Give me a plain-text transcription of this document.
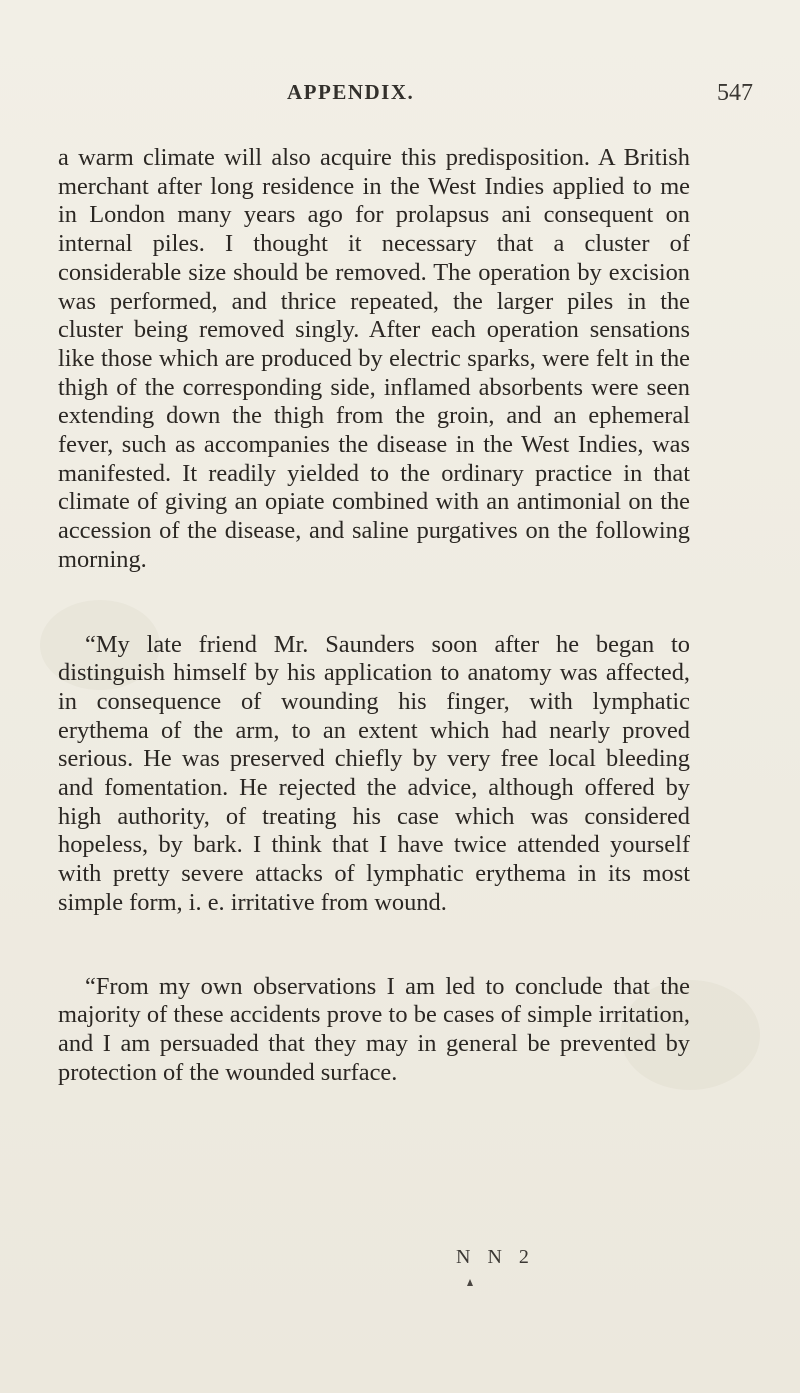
APPENDIX.	547

a warm climate will also acquire this predisposition. A British merchant after long residence in the West Indies applied to me in London many years ago for prolapsus ani consequent on internal piles. I thought it necessary that a cluster of considerable size should be removed. The operation by excision was performed, and thrice repeated, the larger piles in the cluster being removed singly. After each operation sensations like those which are produced by electric sparks, were felt in the thigh of the corresponding side, inflamed absorbents were seen extending down the thigh from the groin, and an ephemeral fever, such as accompanies the disease in the West Indies, was manifested. It readily yielded to the ordinary practice in that climate of giving an opiate combined with an antimonial on the accession of the disease, and saline purgatives on the following morning.

“My late friend Mr. Saunders soon after he began to distinguish himself by his application to anatomy was affected, in consequence of wounding his finger, with lymphatic erythema of the arm, to an extent which had nearly proved serious. He was preserved chiefly by very free local bleeding and fomentation. He rejected the advice, although offered by high authority, of treating his case which was considered hopeless, by bark. I think that I have twice attended yourself with pretty severe attacks of lymphatic erythema in its most simple form, i. e. irritative from wound.

“From my own observations I am led to conclude that the majority of these accidents prove to be cases of simple irritation, and I am persuaded that they may in general be prevented by protection of the wounded surface.

N N 2
